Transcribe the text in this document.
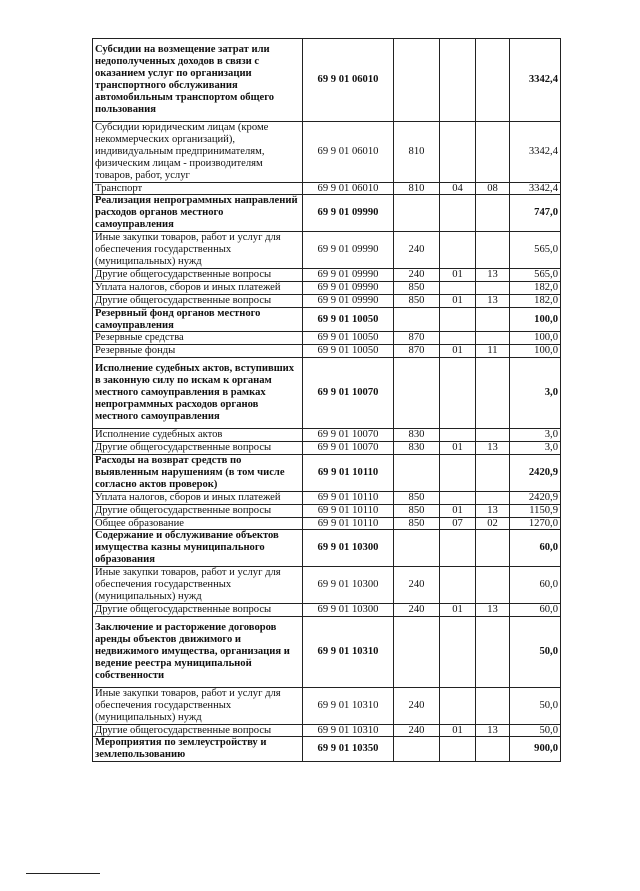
Субсидии на возмещение затрат или недополученных доходов в связи с оказанием услуг по организации транспортного обслуживания автомобильным транспортом общего пользования	69 9 01 06010				3342,4
Субсидии юридическим лицам (кроме некоммерческих организаций), индивидуальным предпринимателям, физическим лицам - производителям товаров, работ, услуг	69 9 01 06010	810			3342,4
Транспорт	69 9 01 06010	810	04	08	3342,4
Реализация непрограммных направлений расходов органов местного самоуправления	69 9 01 09990				747,0
Иные закупки товаров, работ и услуг для обеспечения государственных (муниципальных) нужд	69 9 01 09990	240			565,0
Другие общегосударственные вопросы	69 9 01 09990	240	01	13	565,0
Уплата налогов, сборов и иных платежей	69 9 01 09990	850			182,0
Другие общегосударственные вопросы	69 9 01 09990	850	01	13	182,0
Резервный фонд органов местного самоуправления	69 9 01 10050				100,0
Резервные средства	69 9 01 10050	870			100,0
Резервные фонды	69 9 01 10050	870	01	11	100,0
Исполнение судебных актов, вступивших в законную силу по искам к органам местного самоуправления в рамках непрограммных расходов органов местного самоуправления	69 9 01 10070				3,0
Исполнение судебных актов	69 9 01 10070	830			3,0
Другие общегосударственные вопросы	69 9 01 10070	830	01	13	3,0
Расходы на возврат средств по выявленным нарушениям (в том числе согласно актов проверок)	69 9 01 10110				2420,9
Уплата налогов, сборов и иных платежей	69 9 01 10110	850			2420,9
Другие общегосударственные вопросы	69 9 01 10110	850	01	13	1150,9
Общее образование	69 9 01 10110	850	07	02	1270,0
Содержание и обслуживание объектов имущества казны муниципального образования	69 9 01 10300				60,0
Иные закупки товаров, работ и услуг для обеспечения государственных (муниципальных) нужд	69 9 01 10300	240			60,0
Другие общегосударственные вопросы	69 9 01 10300	240	01	13	60,0
Заключение и расторжение договоров аренды объектов движимого и недвижимого имущества, организация и ведение реестра муниципальной собственности	69 9 01 10310				50,0
Иные закупки товаров, работ и услуг для обеспечения государственных (муниципальных) нужд	69 9 01 10310	240			50,0
Другие общегосударственные вопросы	69 9 01 10310	240	01	13	50,0
Мероприятия по землеустройству и землепользованию	69 9 01 10350				900,0
